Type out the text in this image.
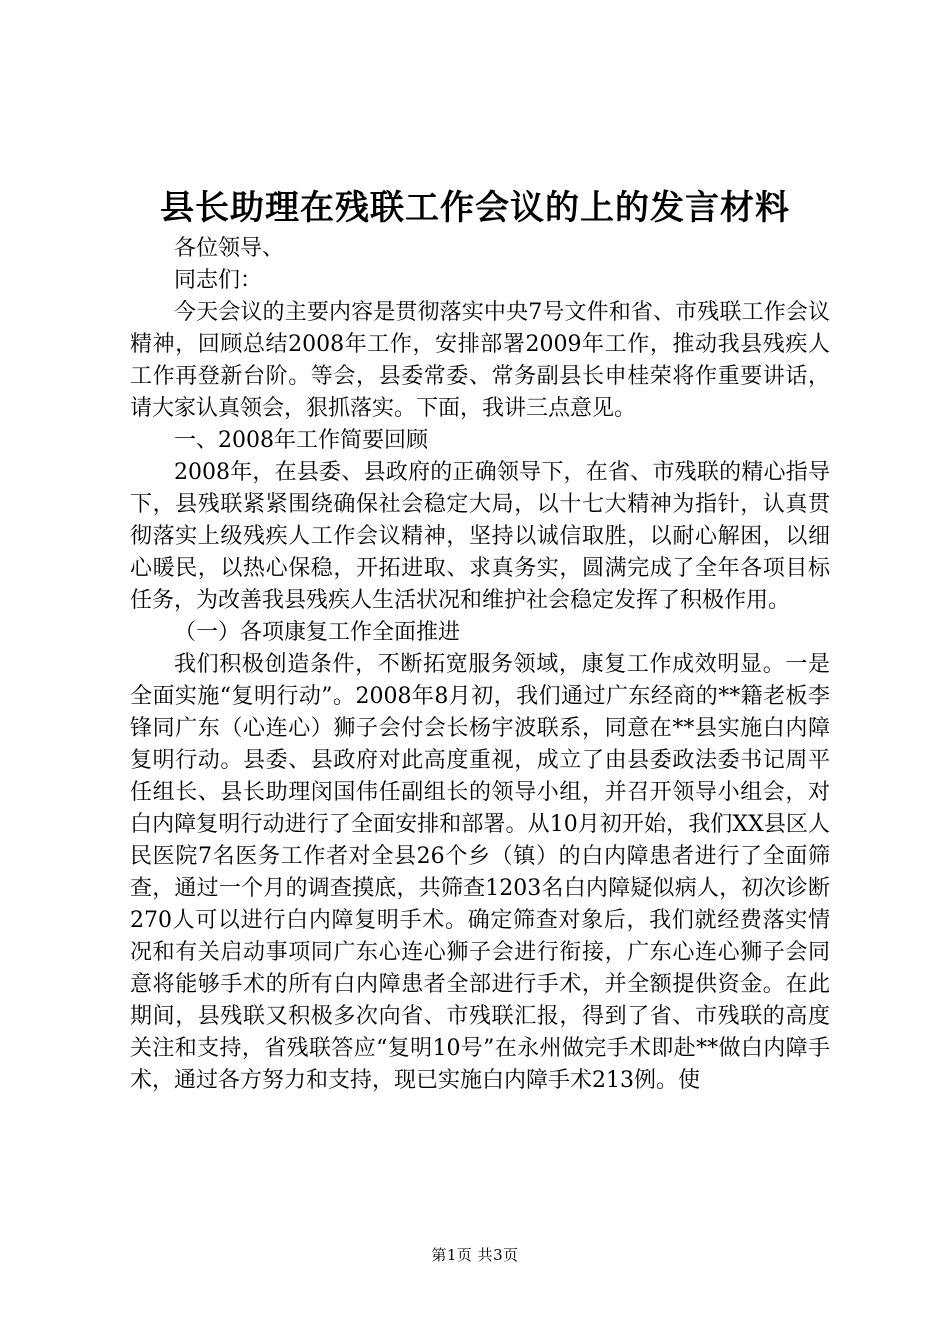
县长助理在残联工作会议的上的发言材料

各位领导、

同志们：

今天会议的主要内容是贯彻落实中央7号文件和省、市残联工作会议精神，回顾总结2008年工作，安排部署2009年工作，推动我县残疾人工作再登新台阶。等会，县委常委、常务副县长申桂荣将作重要讲话，请大家认真领会，狠抓落实。下面，我讲三点意见。

一、2008年工作简要回顾

2008年，在县委、县政府的正确领导下，在省、市残联的精心指导下，县残联紧紧围绕确保社会稳定大局，以十七大精神为指针，认真贯彻落实上级残疾人工作会议精神，坚持以诚信取胜，以耐心解困，以细心暖民，以热心保稳，开拓进取、求真务实，圆满完成了全年各项目标任务，为改善我县残疾人生活状况和维护社会稳定发挥了积极作用。

（一）各项康复工作全面推进

我们积极创造条件，不断拓宽服务领域，康复工作成效明显。一是全面实施“复明行动”。2008年8月初，我们通过广东经商的**籍老板李锋同广东（心连心）狮子会付会长杨宇波联系，同意在**县实施白内障复明行动。县委、县政府对此高度重视，成立了由县委政法委书记周平任组长、县长助理闵国伟任副组长的领导小组，并召开领导小组会，对白内障复明行动进行了全面安排和部署。从10月初开始，我们XX县区人民医院7名医务工作者对全县26个乡（镇）的白内障患者进行了全面筛查，通过一个月的调查摸底，共筛查1203名白内障疑似病人，初次诊断270人可以进行白内障复明手术。确定筛查对象后，我们就经费落实情况和有关启动事项同广东心连心狮子会进行衔接，广东心连心狮子会同意将能够手术的所有白内障患者全部进行手术，并全额提供资金。在此期间，县残联又积极多次向省、市残联汇报，得到了省、市残联的高度关注和支持，省残联答应“复明10号”在永州做完手术即赴**做白内障手术，通过各方努力和支持，现已实施白内障手术213例。使

第1页 共3页
